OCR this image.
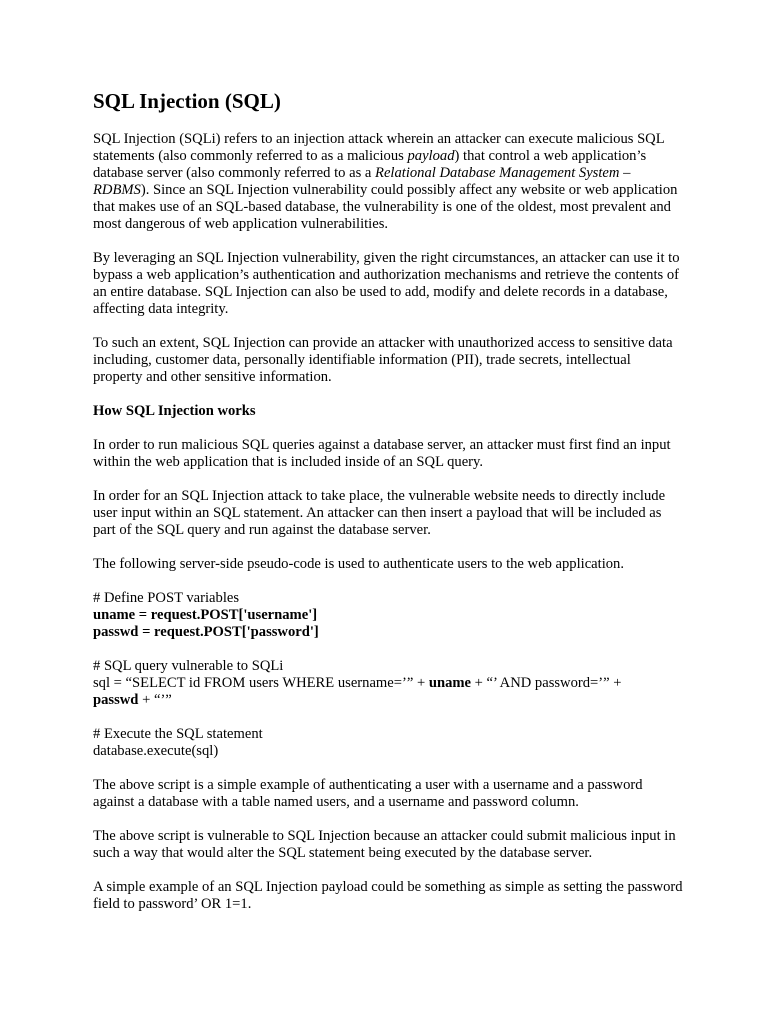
SQL Injection (SQL)

SQL Injection (SQLi) refers to an injection attack wherein an attacker can execute malicious SQL statements (also commonly referred to as a malicious payload) that control a web application’s database server (also commonly referred to as a Relational Database Management System – RDBMS). Since an SQL Injection vulnerability could possibly affect any website or web application that makes use of an SQL-based database, the vulnerability is one of the oldest, most prevalent and most dangerous of web application vulnerabilities.

By leveraging an SQL Injection vulnerability, given the right circumstances, an attacker can use it to bypass a web application’s authentication and authorization mechanisms and retrieve the contents of an entire database. SQL Injection can also be used to add, modify and delete records in a database, affecting data integrity.

To such an extent, SQL Injection can provide an attacker with unauthorized access to sensitive data including, customer data, personally identifiable information (PII), trade secrets, intellectual property and other sensitive information.

How SQL Injection works

In order to run malicious SQL queries against a database server, an attacker must first find an input within the web application that is included inside of an SQL query.

In order for an SQL Injection attack to take place, the vulnerable website needs to directly include user input within an SQL statement. An attacker can then insert a payload that will be included as part of the SQL query and run against the database server.

The following server-side pseudo-code is used to authenticate users to the web application.

# Define POST variables
uname = request.POST['username']
passwd = request.POST['password']
# SQL query vulnerable to SQLi
sql = “SELECT id FROM users WHERE username=’” + uname + “’ AND password=’” +
passwd + “’”
# Execute the SQL statement
database.execute(sql)

The above script is a simple example of authenticating a user with a username and a password against a database with a table named users, and a username and password column.

The above script is vulnerable to SQL Injection because an attacker could submit malicious input in such a way that would alter the SQL statement being executed by the database server.

A simple example of an SQL Injection payload could be something as simple as setting the password field to password’ OR 1=1.
